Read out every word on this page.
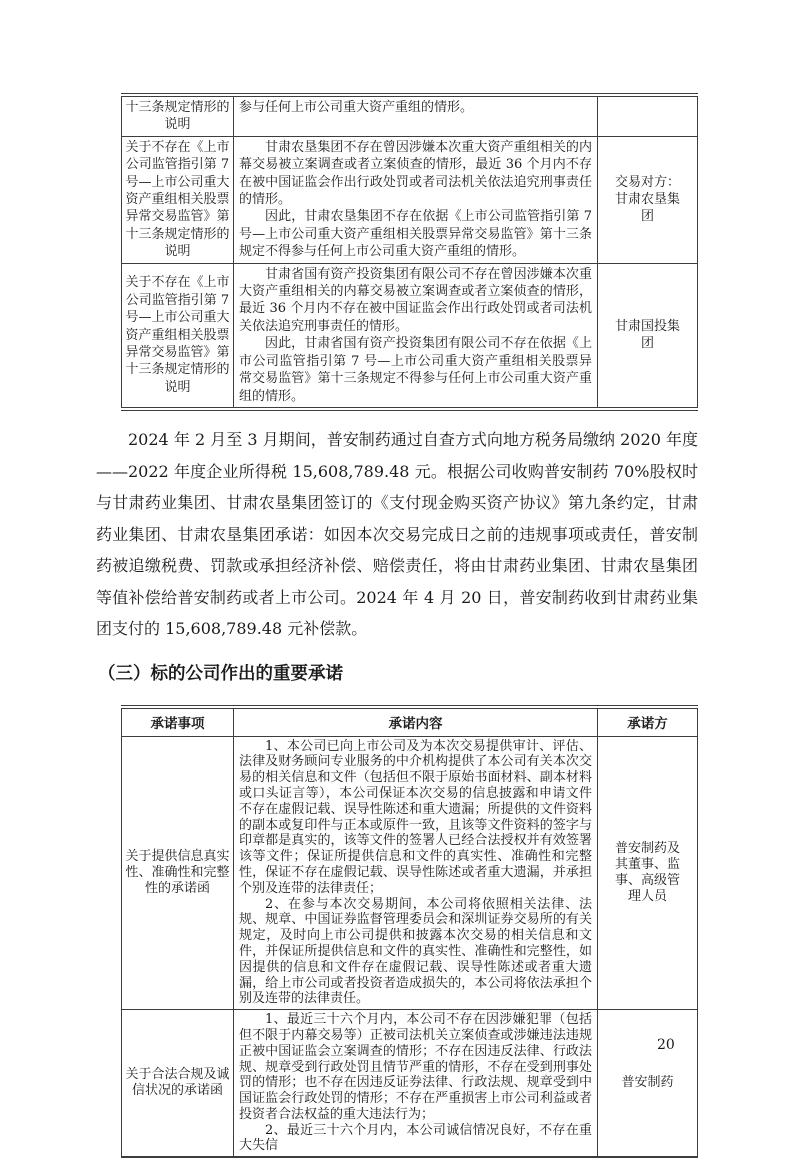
十三条规定情形的说明	参与任何上市公司重大资产重组的情形。	

关于不存在《上市公司监管指引第 7 号—上市公司重大资产重组相关股票异常交易监管》第十三条规定情形的说明	甘肃农垦集团不存在曾因涉嫌本次重大资产重组相关的内幕交易被立案调查或者立案侦查的情形，最近 36 个月内不存在被中国证监会作出行政处罚或者司法机关依法追究刑事责任的情形。

因此，甘肃农垦集团不存在依据《上市公司监管指引第 7 号—上市公司重大资产重组相关股票异常交易监管》第十三条规定不得参与任何上市公司重大资产重组的情形。	交易对方：甘肃农垦集团
关于不存在《上市公司监管指引第 7 号—上市公司重大资产重组相关股票异常交易监管》第十三条规定情形的说明	甘肃省国有资产投资集团有限公司不存在曾因涉嫌本次重大资产重组相关的内幕交易被立案调查或者立案侦查的情形，最近 36 个月内不存在被中国证监会作出行政处罚或者司法机关依法追究刑事责任的情形。

因此，甘肃省国有资产投资集团有限公司不存在依据《上市公司监管指引第 7 号—上市公司重大资产重组相关股票异常交易监管》第十三条规定不得参与任何上市公司重大资产重组的情形。	甘肃国投集团

2024 年 2 月至 3 月期间，普安制药通过自查方式向地方税务局缴纳 2020 年度——2022 年度企业所得税 15,608,789.48 元。根据公司收购普安制药 70%股权时与甘肃药业集团、甘肃农垦集团签订的《支付现金购买资产协议》第九条约定，甘肃药业集团、甘肃农垦集团承诺：如因本次交易完成日之前的违规事项或责任，普安制药被追缴税费、罚款或承担经济补偿、赔偿责任，将由甘肃药业集团、甘肃农垦集团等值补偿给普安制药或者上市公司。2024 年 4 月 20 日，普安制药收到甘肃药业集团支付的 15,608,789.48 元补偿款。

（三）标的公司作出的重要承诺
承诺事项	承诺内容	承诺方
关于提供信息真实性、准确性和完整性的承诺函	1、本公司已向上市公司及为本次交易提供审计、评估、法律及财务顾问专业服务的中介机构提供了本公司有关本次交易的相关信息和文件（包括但不限于原始书面材料、副本材料或口头证言等），本公司保证本次交易的信息披露和申请文件不存在虚假记载、误导性陈述和重大遗漏；所提供的文件资料的副本或复印件与正本或原件一致，且该等文件资料的签字与印章都是真实的，该等文件的签署人已经合法授权并有效签署该等文件；保证所提供信息和文件的真实性、准确性和完整性，保证不存在虚假记载、误导性陈述或者重大遗漏，并承担个别及连带的法律责任；

2、在参与本次交易期间，本公司将依照相关法律、法规、规章、中国证券监督管理委员会和深圳证券交易所的有关规定，及时向上市公司提供和披露本次交易的相关信息和文件，并保证所提供信息和文件的真实性、准确性和完整性，如因提供的信息和文件存在虚假记载、误导性陈述或者重大遗漏，给上市公司或者投资者造成损失的，本公司将依法承担个别及连带的法律责任。	普安制药及其董事、监事、高级管理人员
关于合法合规及诚信状况的承诺函	1、最近三十六个月内，本公司不存在因涉嫌犯罪（包括但不限于内幕交易等）正被司法机关立案侦查或涉嫌违法违规正被中国证监会立案调查的情形；不存在因违反法律、行政法规、规章受到行政处罚且情节严重的情形，不存在受到刑事处罚的情形；也不存在因违反证券法律、行政法规、规章受到中国证监会行政处罚的情形；不存在严重损害上市公司利益或者投资者合法权益的重大违法行为；

2、最近三十六个月内，本公司诚信情况良好，不存在重大失信	普安制药
20
